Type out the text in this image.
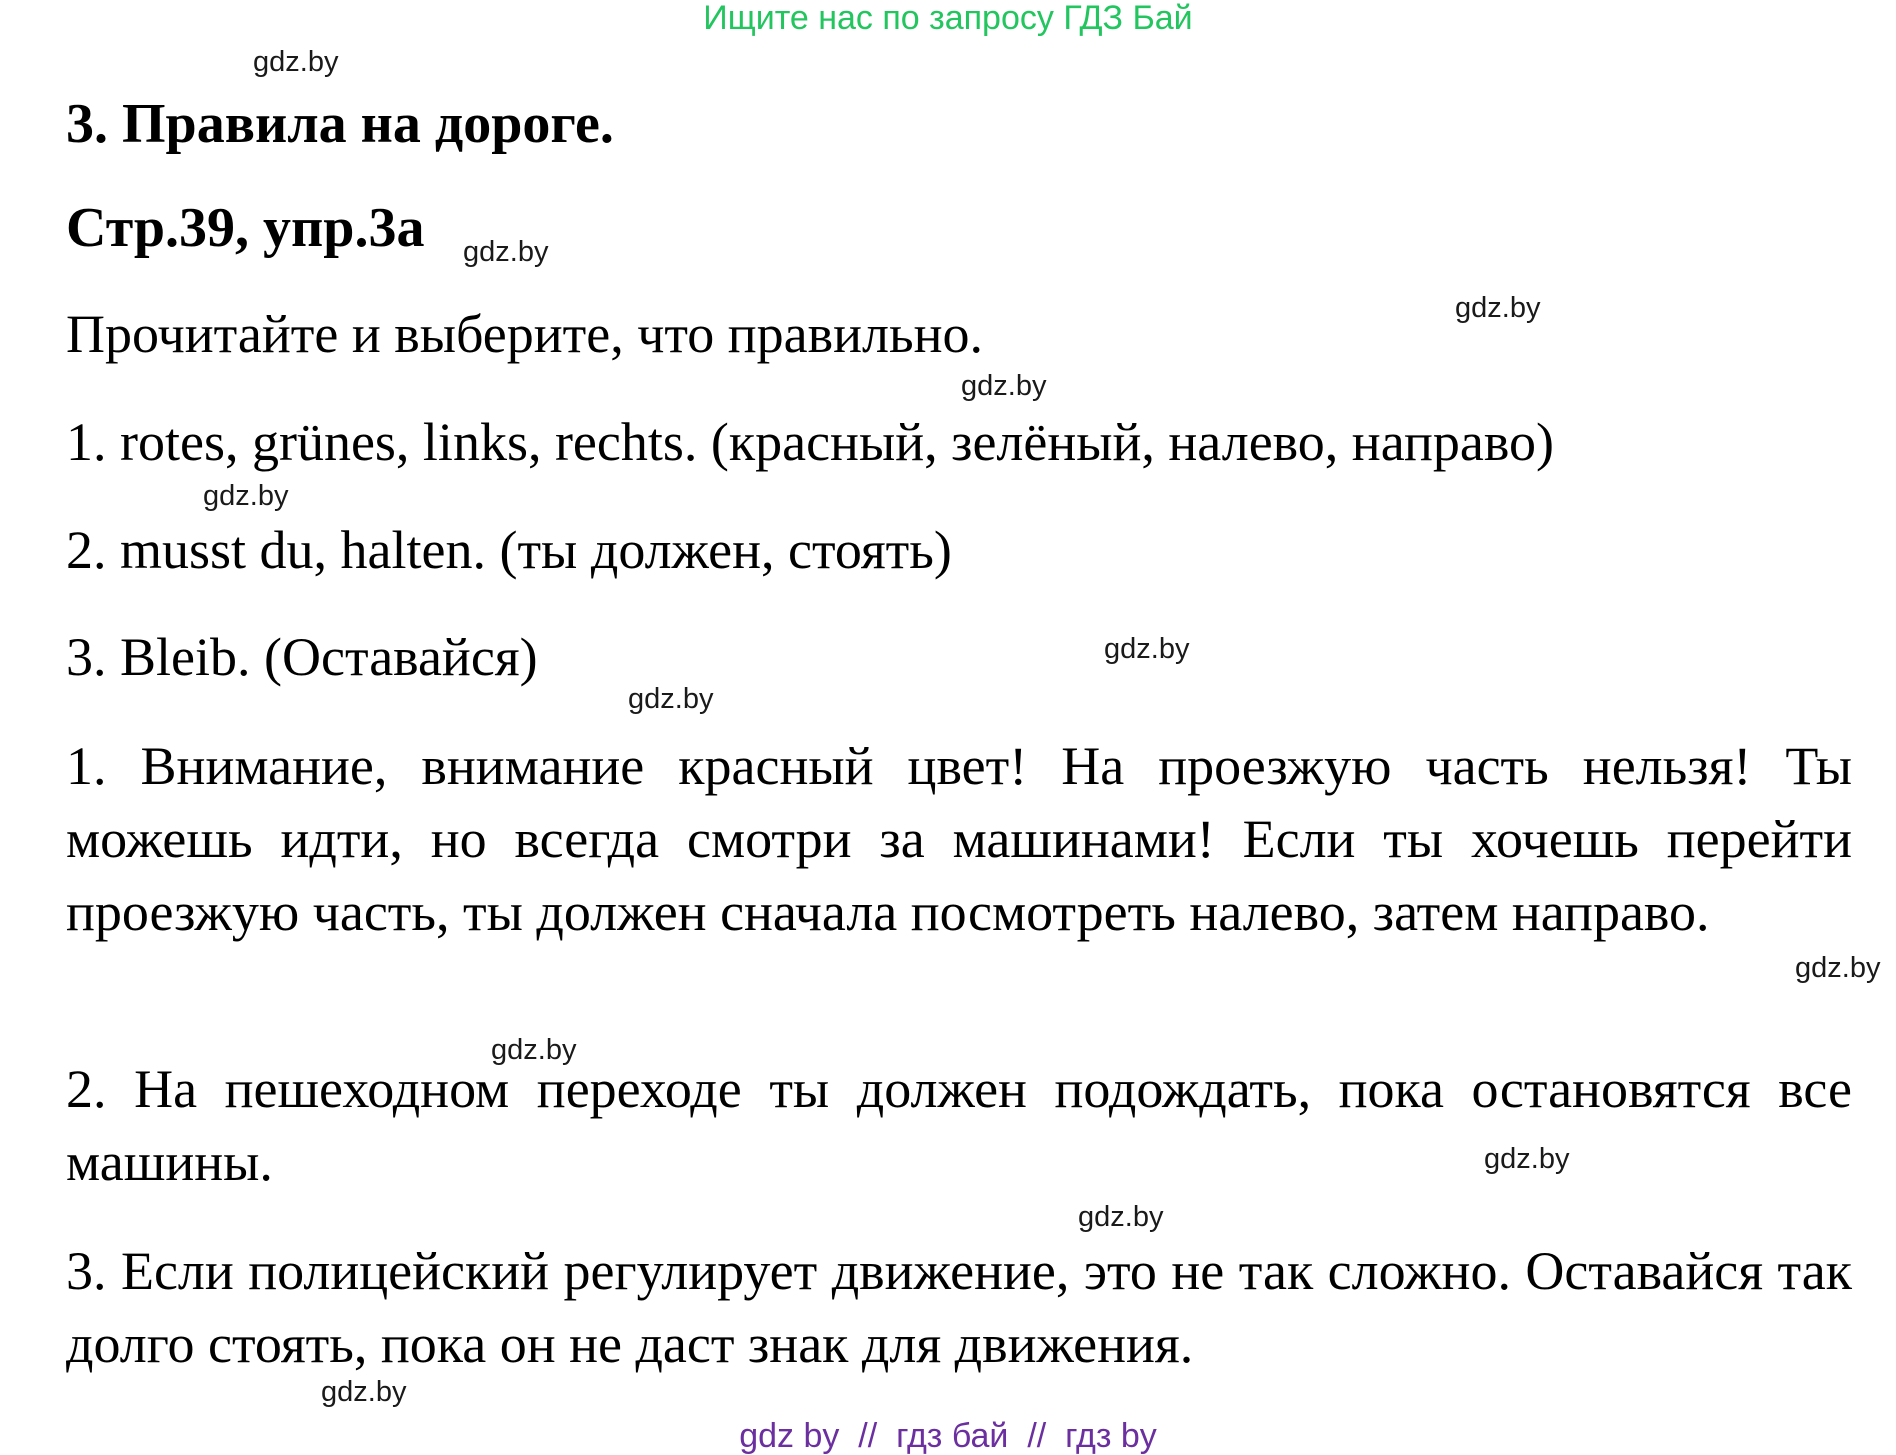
Ищите нас по запросу ГДЗ Бай
3. Правила на дороге.
Стр.39, упр.3a
Прочитайте и выберите, что правильно.
1. rotes, grünes, links, rechts. (красный, зелёный, налево, направо)
2. musst du, halten. (ты должен, стоять)
3. Bleib. (Оставайся)
1. Внимание, внимание красный цвет! На проезжую часть нельзя! Ты можешь идти, но всегда смотри за машинами! Если ты хочешь перейти проезжую часть, ты должен сначала посмотреть налево, затем направо.
2. На пешеходном переходе ты должен подождать, пока остановятся все машины.
3. Если полицейский регулирует движение, это не так сложно. Оставайся так долго стоять, пока он не даст знак для движения.
gdz.by
gdz.by
gdz.by
gdz.by
gdz.by
gdz.by
gdz.by
gdz.by
gdz.by
gdz.by
gdz.by
gdz.by
gdz by  //  гдз бай  //  гдз by
